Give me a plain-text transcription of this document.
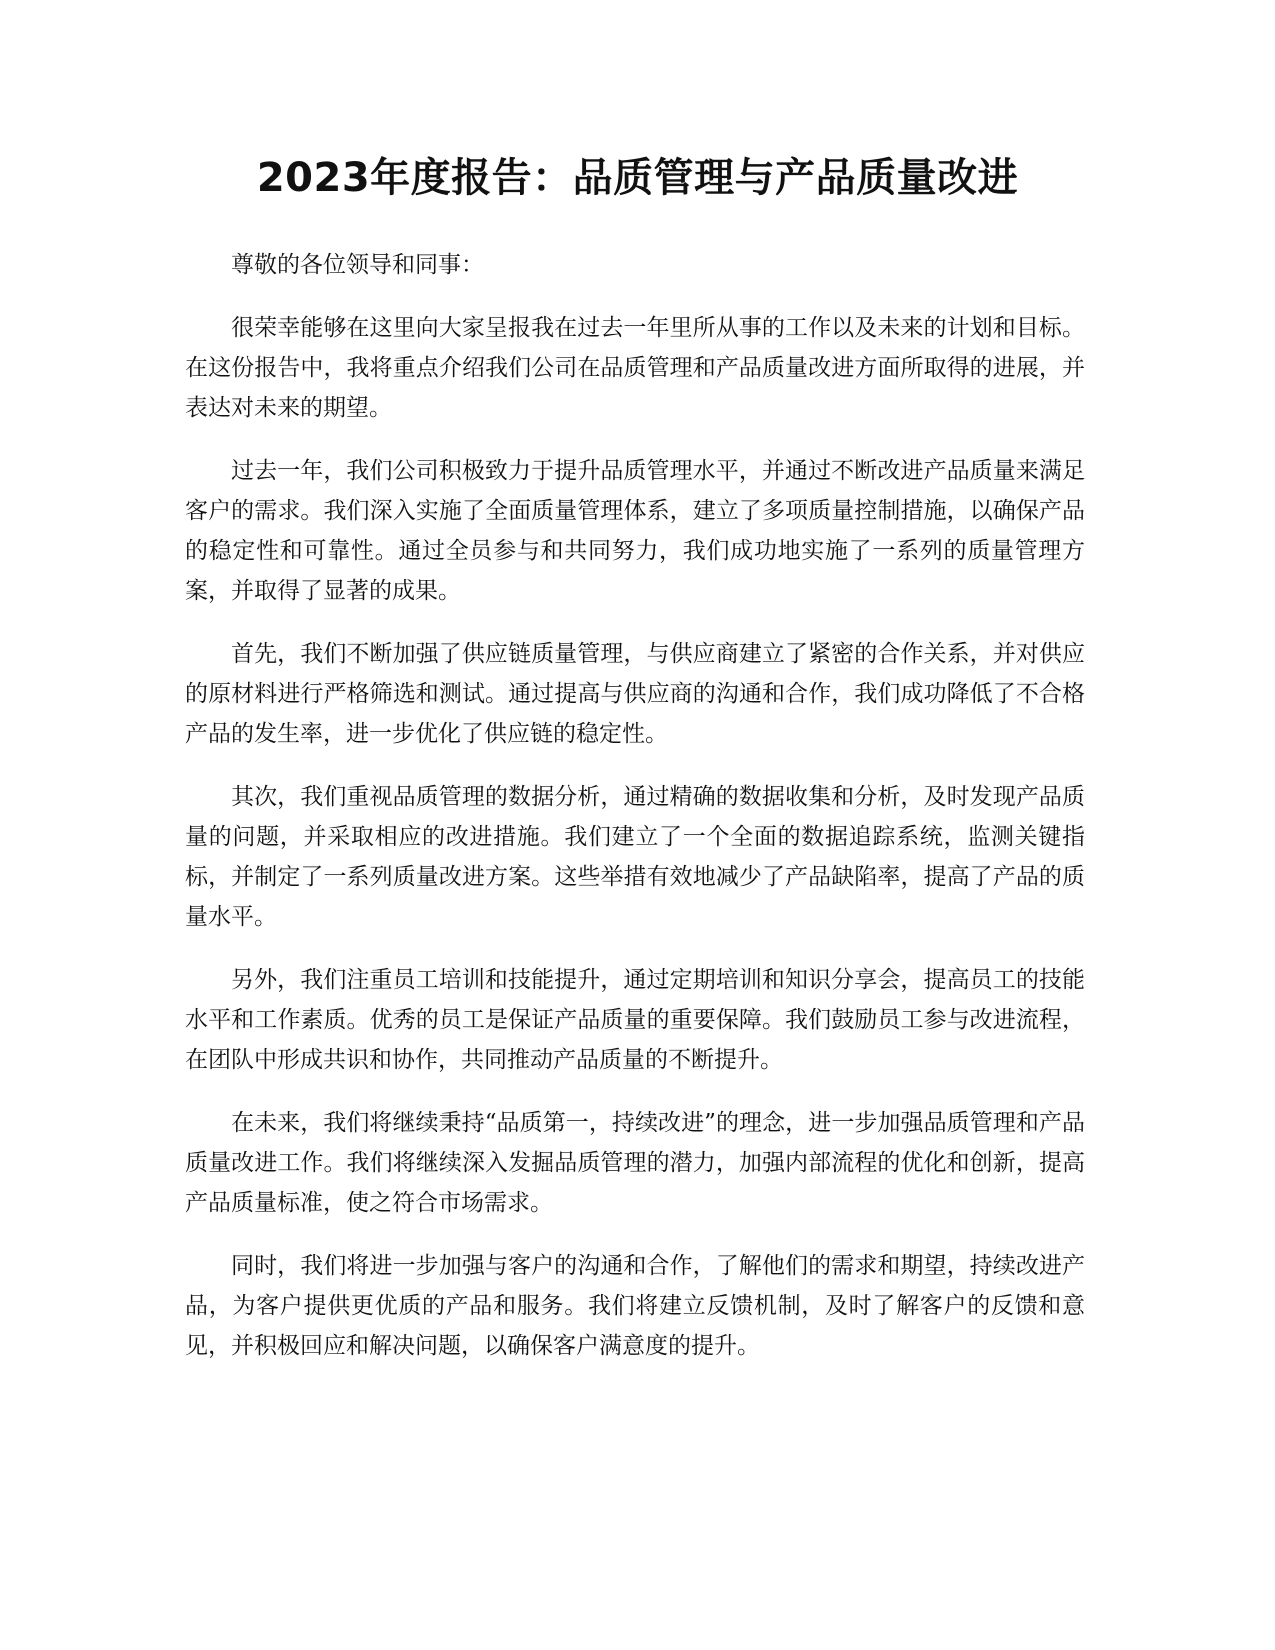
2023年度报告：品质管理与产品质量改进

尊敬的各位领导和同事：

很荣幸能够在这里向大家呈报我在过去一年里所从事的工作以及未来的计划和目标。在这份报告中，我将重点介绍我们公司在品质管理和产品质量改进方面所取得的进展，并表达对未来的期望。

过去一年，我们公司积极致力于提升品质管理水平，并通过不断改进产品质量来满足客户的需求。我们深入实施了全面质量管理体系，建立了多项质量控制措施，以确保产品的稳定性和可靠性。通过全员参与和共同努力，我们成功地实施了一系列的质量管理方案，并取得了显著的成果。

首先，我们不断加强了供应链质量管理，与供应商建立了紧密的合作关系，并对供应的原材料进行严格筛选和测试。通过提高与供应商的沟通和合作，我们成功降低了不合格产品的发生率，进一步优化了供应链的稳定性。

其次，我们重视品质管理的数据分析，通过精确的数据收集和分析，及时发现产品质量的问题，并采取相应的改进措施。我们建立了一个全面的数据追踪系统，监测关键指标，并制定了一系列质量改进方案。这些举措有效地减少了产品缺陷率，提高了产品的质量水平。

另外，我们注重员工培训和技能提升，通过定期培训和知识分享会，提高员工的技能水平和工作素质。优秀的员工是保证产品质量的重要保障。我们鼓励员工参与改进流程，在团队中形成共识和协作，共同推动产品质量的不断提升。

在未来，我们将继续秉持“品质第一，持续改进”的理念，进一步加强品质管理和产品质量改进工作。我们将继续深入发掘品质管理的潜力，加强内部流程的优化和创新，提高产品质量标准，使之符合市场需求。

同时，我们将进一步加强与客户的沟通和合作，了解他们的需求和期望，持续改进产品，为客户提供更优质的产品和服务。我们将建立反馈机制，及时了解客户的反馈和意见，并积极回应和解决问题，以确保客户满意度的提升。
